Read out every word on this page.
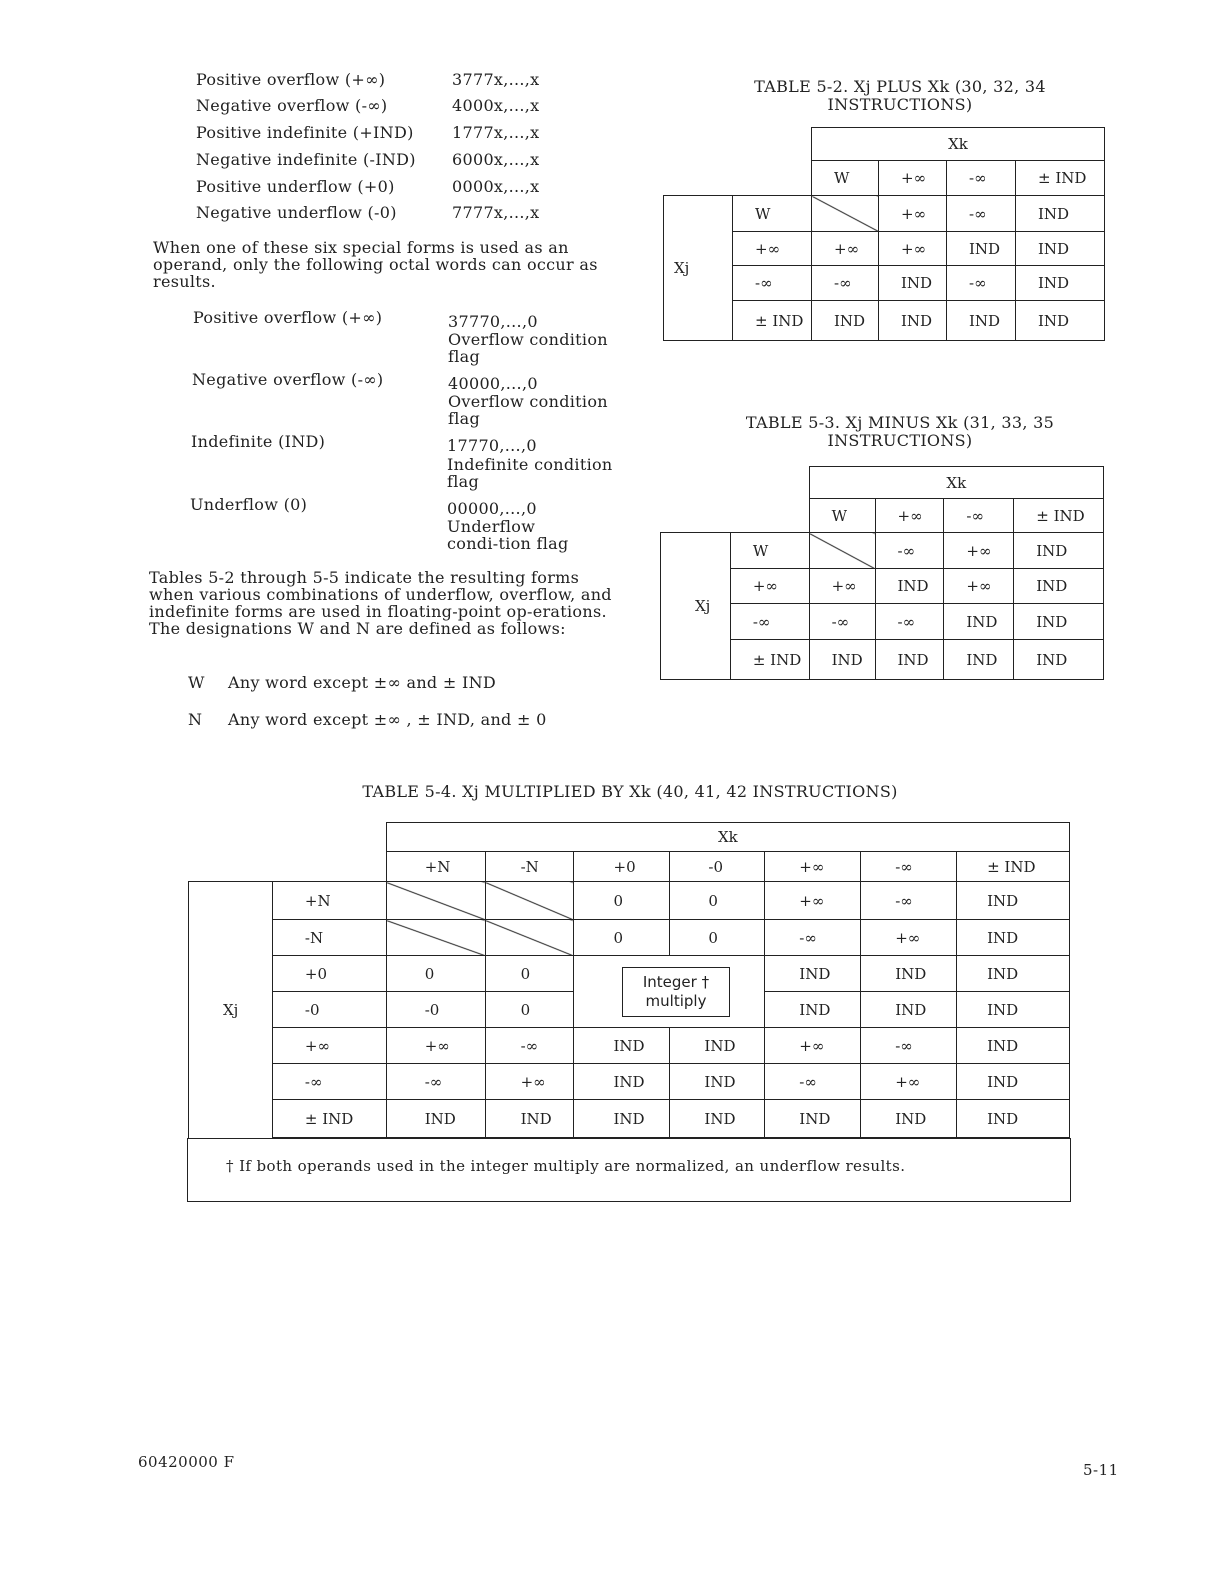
Positive overflow (+∞)	3777x,...,x
Negative overflow (-∞)	4000x,...,x
Positive indefinite (+IND) 1777x,...,x
Negative indefinite (-IND) 6000x,...,x
Positive underflow (+0)	0000x,...,x
Negative underflow (-0)	7777x,...,x
When one of these six special forms is used as an operand, only the following octal words can occur as results.
Positive overflow (+∞)	37770,...,0
Overflow condition flag
Negative overflow (-∞)	40000,...,0
Overflow condition flag
Indefinite (IND)	17770,...,0
Indefinite condition flag
Underflow (0)	00000,...,0
Underflow condi-tion flag
Tables 5-2 through 5-5 indicate the resulting forms when various combinations of underflow, overflow, and indefinite forms are used in floating-point op-erations. The designations W and N are defined as follows:
W Any word except ±∞ and ± IND
N Any word except ±∞ , ± IND, and ± 0
TABLE 5-2. Xj PLUS Xk (30, 32, 34 INSTRUCTIONS)
		Xk			
		W	+∞	-∞	± IND
Xj	W		+∞	-∞	IND
	+∞	+∞	+∞	IND	IND
	-∞	-∞	IND	-∞	IND
	± IND	IND	IND	IND	IND
TABLE 5-3. Xj MINUS Xk (31, 33, 35 INSTRUCTIONS)
		Xk			
		W	+∞	-∞	± IND
Xj	W		-∞	+∞	IND
	+∞	+∞	IND	+∞	IND
	-∞	-∞	-∞	IND	IND
	± IND	IND	IND	IND	IND
TABLE 5-4. Xj MULTIPLIED BY Xk (40, 41, 42 INSTRUCTIONS)
		Xk						
		+N	-N	+0	-0	+∞	-∞	± IND
Xj	+N			0	0	+∞	-∞	IND
	-N			0	0	-∞	+∞	IND
	+0	0	0			IND	IND	IND
	-0	-0	0			IND	IND	IND
	+∞	+∞	-∞	IND	IND	+∞	-∞	IND
	-∞	-∞	+∞	IND	IND	-∞	+∞	IND
	± IND	IND	IND	IND	IND	IND	IND	IND
Integer †
multiply
† If both operands used in the integer multiply are normalized, an underflow results.
60420000 F	5-11
